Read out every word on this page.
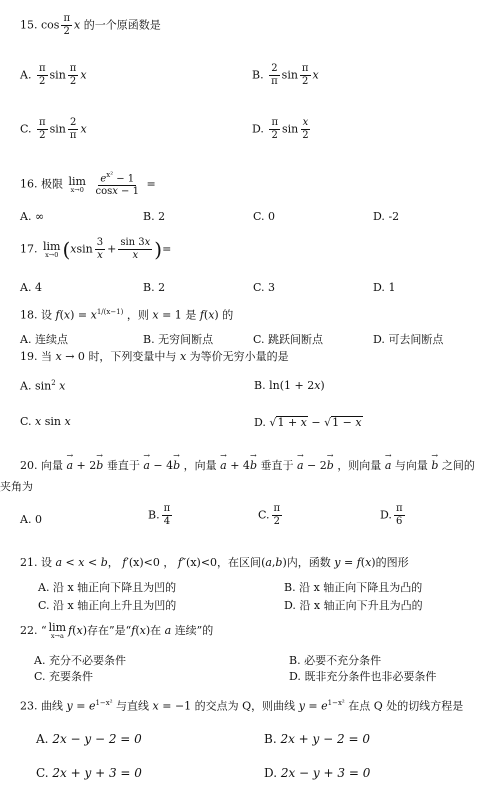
15. $\cos \frac{\pi}{2}$ x 的一个原函数是
A. $\frac{\pi}{2}$ $\sin \frac{\pi}{2}$ x	B. $\frac{2}{\pi}$ $\sin \frac{\pi}{2}$ x
C. $\frac{\pi}{2}$ $\sin \frac{2}{\pi}$ x	D. $\frac{\pi}{2}$ $\sin \frac{x}{2}$
16. 极限 lim
x→0
$\frac{e^{x^2} - 1}{\cos x - 1}$ =
A. ∞	B. 2	C. 0	D. -2
17. lim
x→0 ($xsin \frac{3}{x} + \frac{\sin 3x}{x}$ )=
A. 4	B. 2	C. 3	D. 1
18. 设 $f(x) = x^{1/(x-1)}$ ，则 x = 1 是 f(x) 的
A. 连续点	B. 无穷间断点	C. 跳跃间断点	D. 可去间断点
19. 当 x → 0 时，下列变量中与 x 为等价无穷小量的是
A. $\sin^2 x$	B. ln(1 + 2x)
C. x sin x	D. √1 + x − √1 − x
20. 向量 → a + 2→ b 垂直于 → a − 4→ b ，向量 → a + 4→ b 垂直于 → a − 2→ b ，则向量 → a 与向量 → b 之间的
夹角为
A. 0	B. $\frac{\pi}{4}$	C. $\frac{\pi}{2}$	D. $\frac{\pi}{6}$
21. 设 a < x < b， f′(x)<0 ， f″(x)<0，在区间(a,b)内，函数 y = f(x)的图形
A. 沿 x 轴正向下降且为凹的	B. 沿 x 轴正向下降且为凸的
C. 沿 x 轴正向上升且为凹的	D. 沿 x 轴正向下升且为凸的
22. “ lim
x→a f(x)存在”是“f(x)在 a 连续”的
A. 充分不必要条件	B. 必要不充分条件
C. 充要条件	D. 既非充分条件也非必要条件
23. 曲线 $y = e^{1-x^2}$ 与直线 x = −1 的交点为 Q，则曲线 $y = e^{1-x^2}$ 在点 Q 处的切线方程是
A. 2x − y − 2 = 0	B. 2x + y − 2 = 0
C. 2x + y + 3 = 0	D. 2x − y + 3 = 0
